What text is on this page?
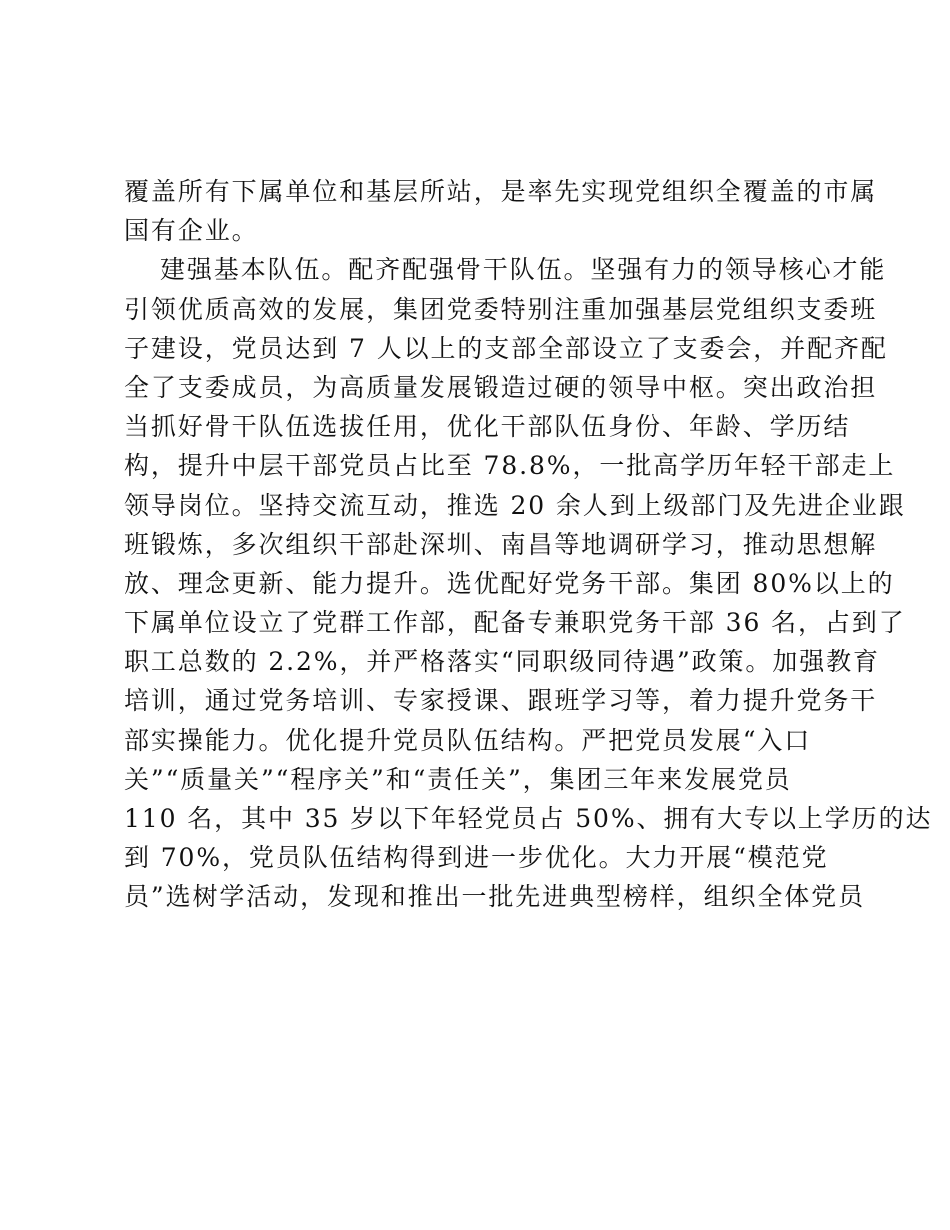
覆盖所有下属单位和基层所站，是率先实现党组织全覆盖的市属
国有企业。
建强基本队伍。配齐配强骨干队伍。坚强有力的领导核心才能
引领优质高效的发展，集团党委特别注重加强基层党组织支委班
子建设，党员达到 7 人以上的支部全部设立了支委会，并配齐配
全了支委成员，为高质量发展锻造过硬的领导中枢。突出政治担
当抓好骨干队伍选拔任用，优化干部队伍身份、年龄、学历结
构，提升中层干部党员占比至 78.8%，一批高学历年轻干部走上
领导岗位。坚持交流互动，推选 20 余人到上级部门及先进企业跟
班锻炼，多次组织干部赴深圳、南昌等地调研学习，推动思想解
放、理念更新、能力提升。选优配好党务干部。集团 80%以上的
下属单位设立了党群工作部，配备专兼职党务干部 36 名，占到了
职工总数的 2.2%，并严格落实“同职级同待遇”政策。加强教育
培训，通过党务培训、专家授课、跟班学习等，着力提升党务干
部实操能力。优化提升党员队伍结构。严把党员发展“入口
关”“质量关”“程序关”和“责任关”，集团三年来发展党员
110 名，其中 35 岁以下年轻党员占 50%、拥有大专以上学历的达
到 70%，党员队伍结构得到进一步优化。大力开展“模范党
员”选树学活动，发现和推出一批先进典型榜样，组织全体党员
